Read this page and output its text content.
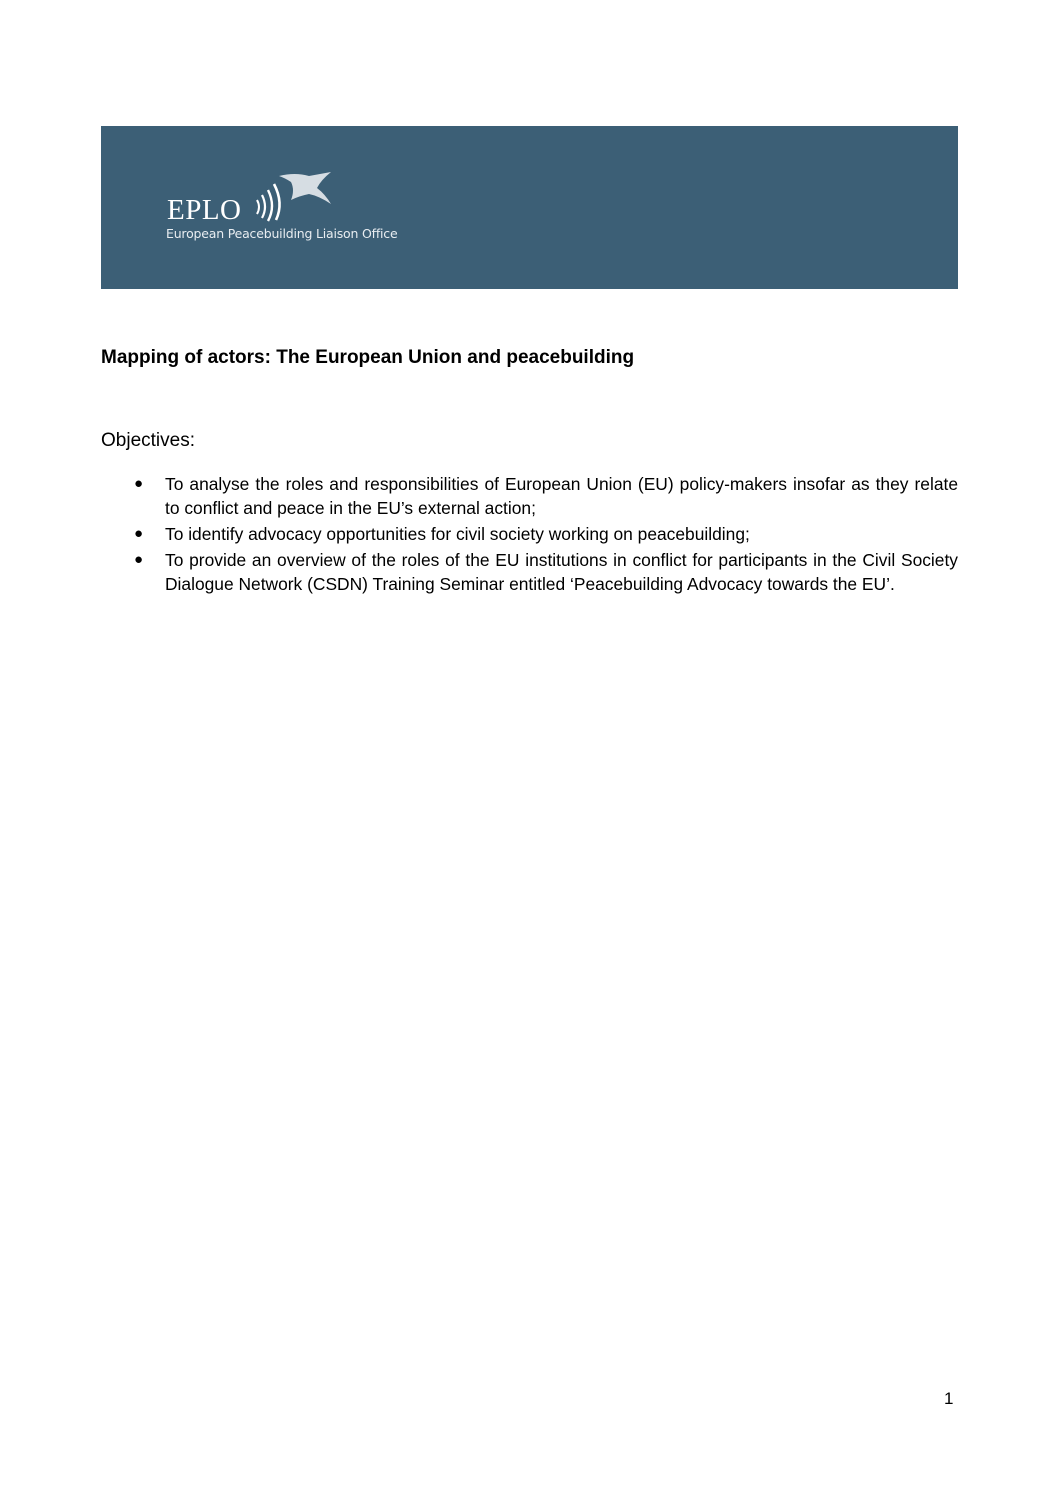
EPLO
European Peacebuilding Liaison Office
Mapping of actors: The European Union and peacebuilding
Objectives:
● To analyse the roles and responsibilities of European Union (EU) policy-makers insofar as they relate to conflict and peace in the EU’s external action;
● To identify advocacy opportunities for civil society working on peacebuilding;
● To provide an overview of the roles of the EU institutions in conflict for participants in the Civil Society Dialogue Network (CSDN) Training Seminar entitled ‘Peacebuilding Advocacy towards the EU’.
1
